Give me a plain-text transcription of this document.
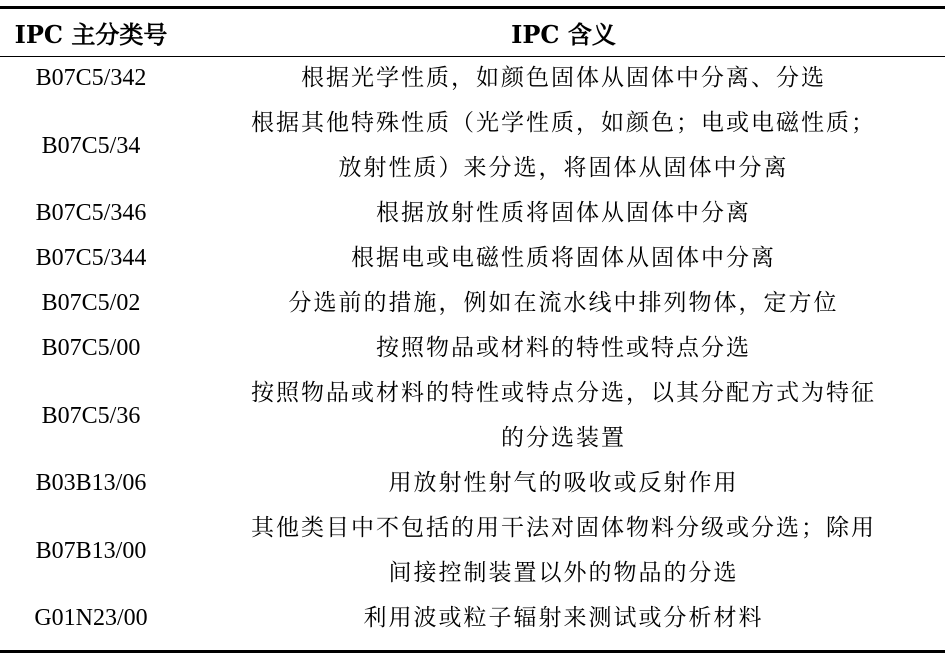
IPC 主分类号	IPC 含义
B07C5/342	根据光学性质，如颜色固体从固体中分离、分选

B07C5/34	根据其他特殊性质（光学性质，如颜色；电或电磁性质；
放射性质）来分选，将固体从固体中分离

B07C5/346	根据放射性质将固体从固体中分离

B07C5/344	根据电或电磁性质将固体从固体中分离

B07C5/02	分选前的措施，例如在流水线中排列物体，定方位

B07C5/00	按照物品或材料的特性或特点分选

B07C5/36	按照物品或材料的特性或特点分选，以其分配方式为特征
的分选装置

B03B13/06	用放射性射气的吸收或反射作用

B07B13/00	其他类目中不包括的用干法对固体物料分级或分选；除用
间接控制装置以外的物品的分选

G01N23/00	利用波或粒子辐射来测试或分析材料
